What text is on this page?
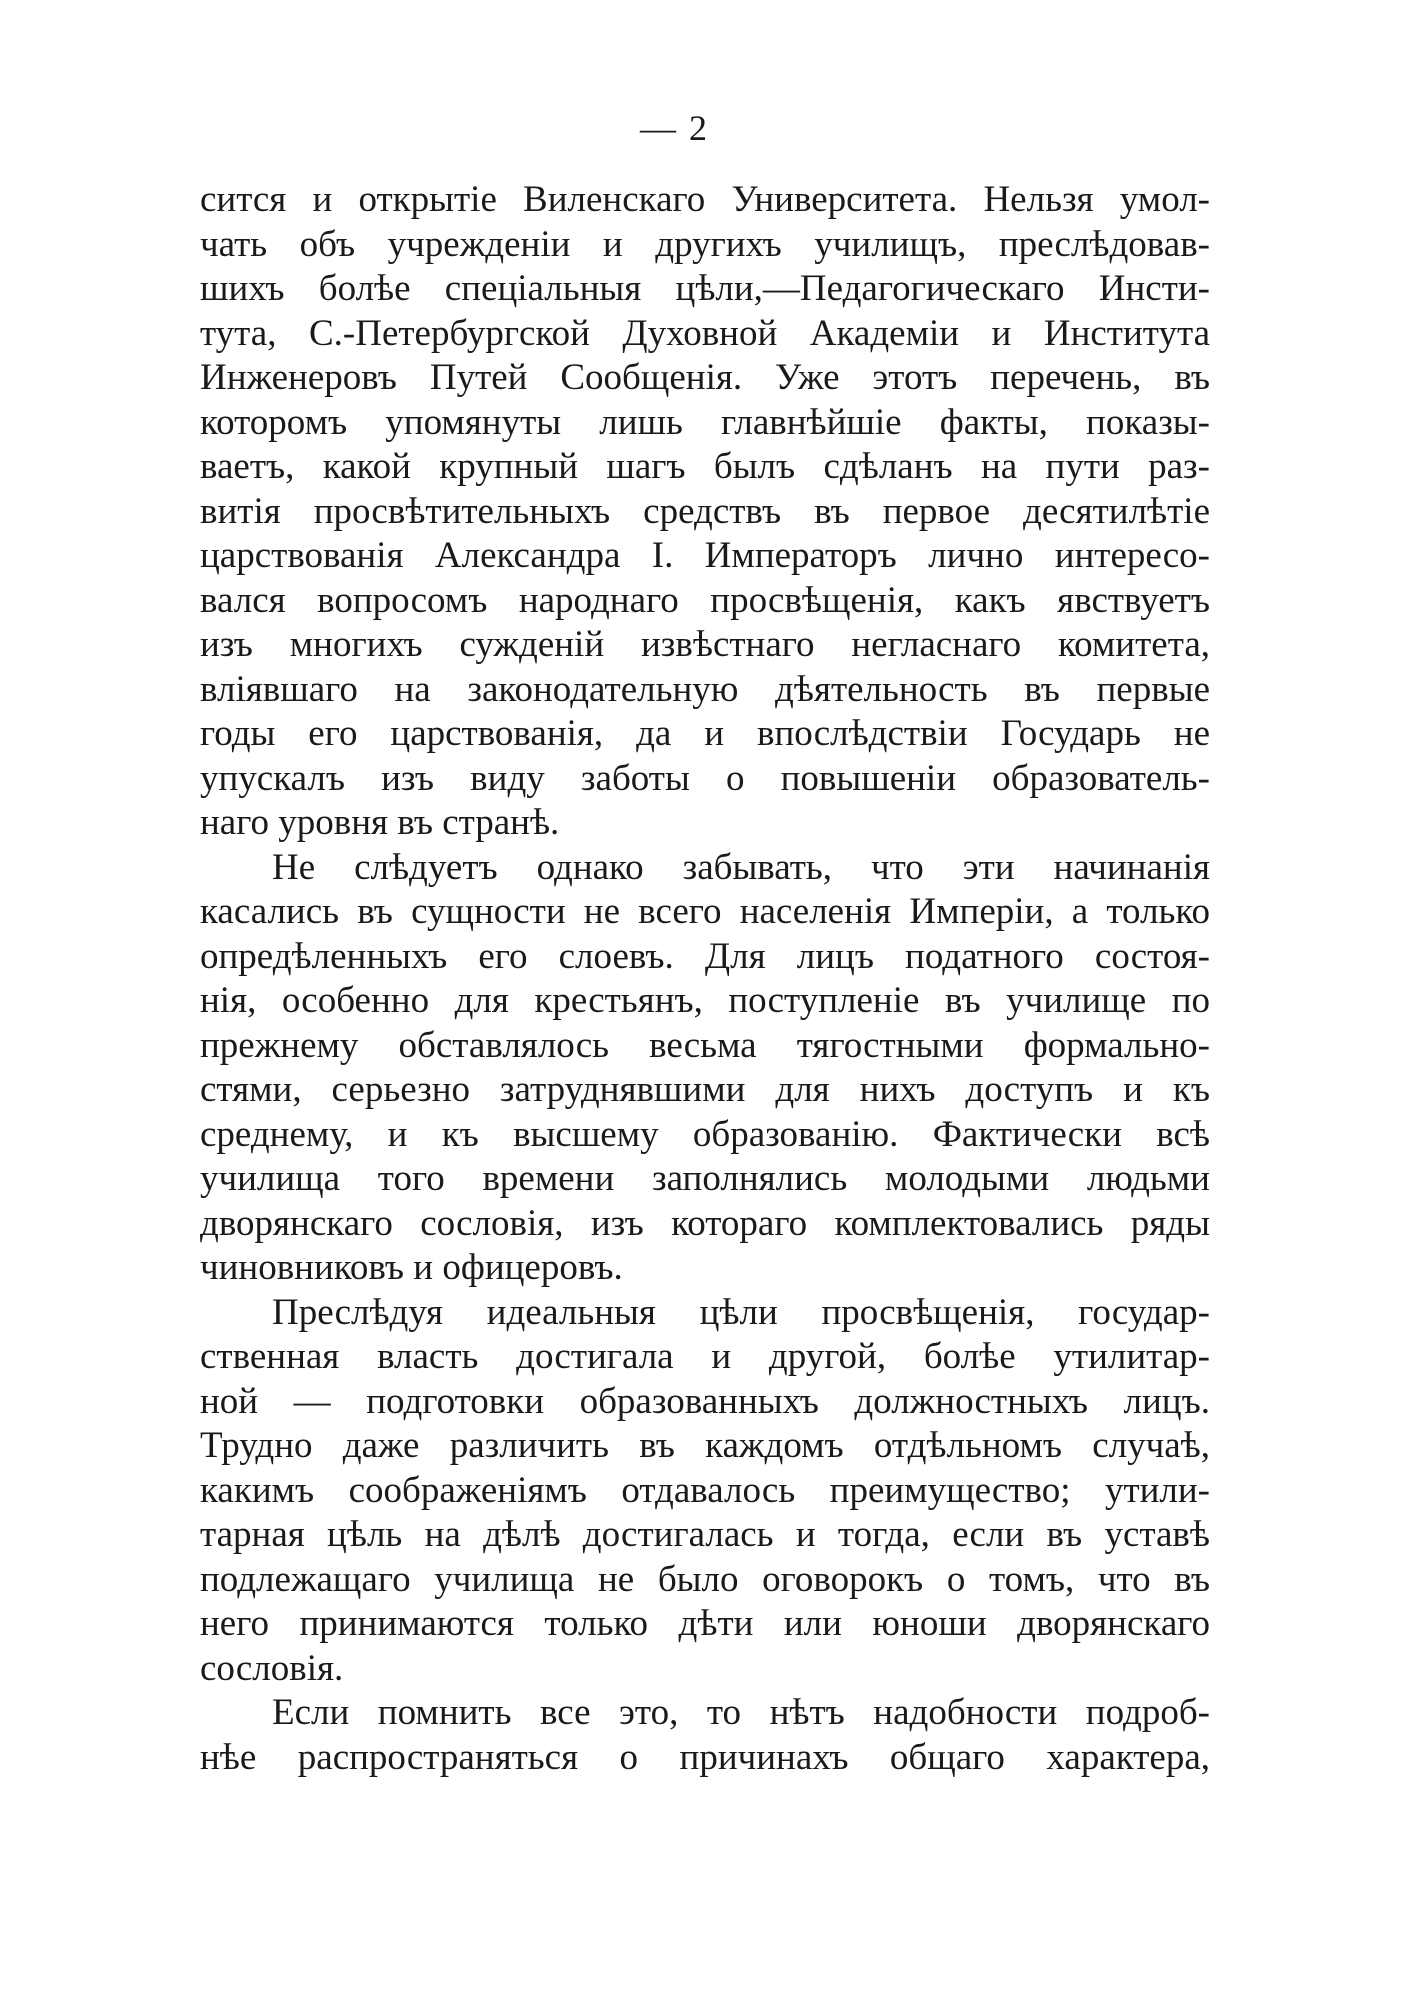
— 2
сится и открытіе Виленскаго Университета. Нельзя умол-
чать объ учрежденіи и другихъ училищъ, преслѣдовав-
шихъ болѣе спеціальныя цѣли,—Педагогическаго Инсти-
тута, С.-Петербургской Духовной Академіи и Института
Инженеровъ Путей Сообщенія. Уже этотъ перечень, въ
которомъ упомянуты лишь главнѣйшіе факты, показы-
ваетъ, какой крупный шагъ былъ сдѣланъ на пути раз-
витія просвѣтительныхъ средствъ въ первое десятилѣтіе
царствованія Александра I. Императоръ лично интересо-
вался вопросомъ народнаго просвѣщенія, какъ явствуетъ
изъ многихъ сужденій извѣстнаго негласнаго комитета,
вліявшаго на законодательную дѣятельность въ первые
годы его царствованія, да и впослѣдствіи Государь не
упускалъ изъ виду заботы о повышеніи образователь-
наго уровня въ странѣ.
Не слѣдуетъ однако забывать, что эти начинанія
касались въ сущности не всего населенія Имперіи, а только
опредѣленныхъ его слоевъ. Для лицъ податного состоя-
нія, особенно для крестьянъ, поступленіе въ училище по
прежнему обставлялось весьма тягостными формально-
стями, серьезно затруднявшими для нихъ доступъ и къ
среднему, и къ высшему образованію. Фактически всѣ
училища того времени заполнялись молодыми людьми
дворянскаго сословія, изъ котораго комплектовались ряды
чиновниковъ и офицеровъ.
Преслѣдуя идеальныя цѣли просвѣщенія, государ-
ственная власть достигала и другой, болѣе утилитар-
ной — подготовки образованныхъ должностныхъ лицъ.
Трудно даже различить въ каждомъ отдѣльномъ случаѣ,
какимъ соображеніямъ отдавалось преимущество; утили-
тарная цѣль на дѣлѣ достигалась и тогда, если въ уставѣ
подлежащаго училища не было оговорокъ о томъ, что въ
него принимаются только дѣти или юноши дворянскаго
сословія.
Если помнить все это, то нѣтъ надобности подроб-
нѣе распространяться о причинахъ общаго характера,
